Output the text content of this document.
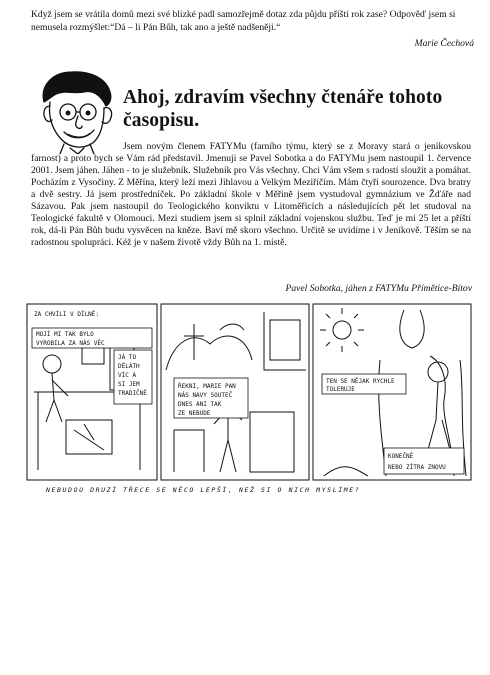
Když jsem se vrátila domů mezi své blízké padl samozřejmě dotaz zda půjdu příští rok zase? Odpověď jsem si nemusela rozmýšlet:“Dá – li Pán Bůh, tak ano a ještě nadšeněji.“
Marie Čechová
Ahoj, zdravím všechny čtenáře tohoto časopisu.

Jsem novým členem FATYMu (farního týmu, který se z Moravy stará o jeníkovskou farnost) a proto bych se Vám rád představil. Jmenuji se Pavel Sobotka a do FATYMu jsem nastoupil 1. července 2001. Jsem jáhen. Jáhen - to je služebník. Služebník pro Vás všechny. Chci Vám všem s radostí sloužit a pomáhat. Pocházím z Vysočiny. Z Měřína, který leží mezi Jihlavou a Velkým Meziříčím. Mám čtyři sourozence. Dva bratry a dvě sestry. Já jsem prostředníček. Po základní škole v Měříně jsem vystudoval gymnázium ve Žďáře nad Sázavou. Pak jsem nastoupil do Teologického konviktu v Litoměřicích a následujících pět let studoval na Teologické fakultě v Olomouci. Mezi studiem jsem si splnil základní vojenskou službu. Teď je mi 25 let a příští rok, dá-li Pán Bůh budu vysvěcen na kněze. Baví mě skoro všechno. Určitě se uvidíme i v Jeníkově. Těším se na radostnou spolupráci. Kéž je v našem životě vždy Bůh na 1. místě.

Pavel Sobotka, jáhen z FATYMu Přímětice-Bítov
ZA CHVÍLI V DÍLNĚ:
MOJÍ MI TAK BYLO
VYROBILA ZA NÁS VĚC
JÁ TO
DĚLÁTH
VÍC A
SI JEM
TRADIČNĚ
ŘEKNI, MARIE PAN
NÁS NAVY SOUTEČ
DNES ANI TAK
ZE NEBUDE
TEN SE NĚJAK RYCHLE
TOLERUJE
KONEČNĚ
NEBO ZÍTRA ZNOVU
NEBUDOU DRUZÍ TŘECE SE NĚCO LEPŠÍ, NEŽ SI O NICH MYSLÍME?
